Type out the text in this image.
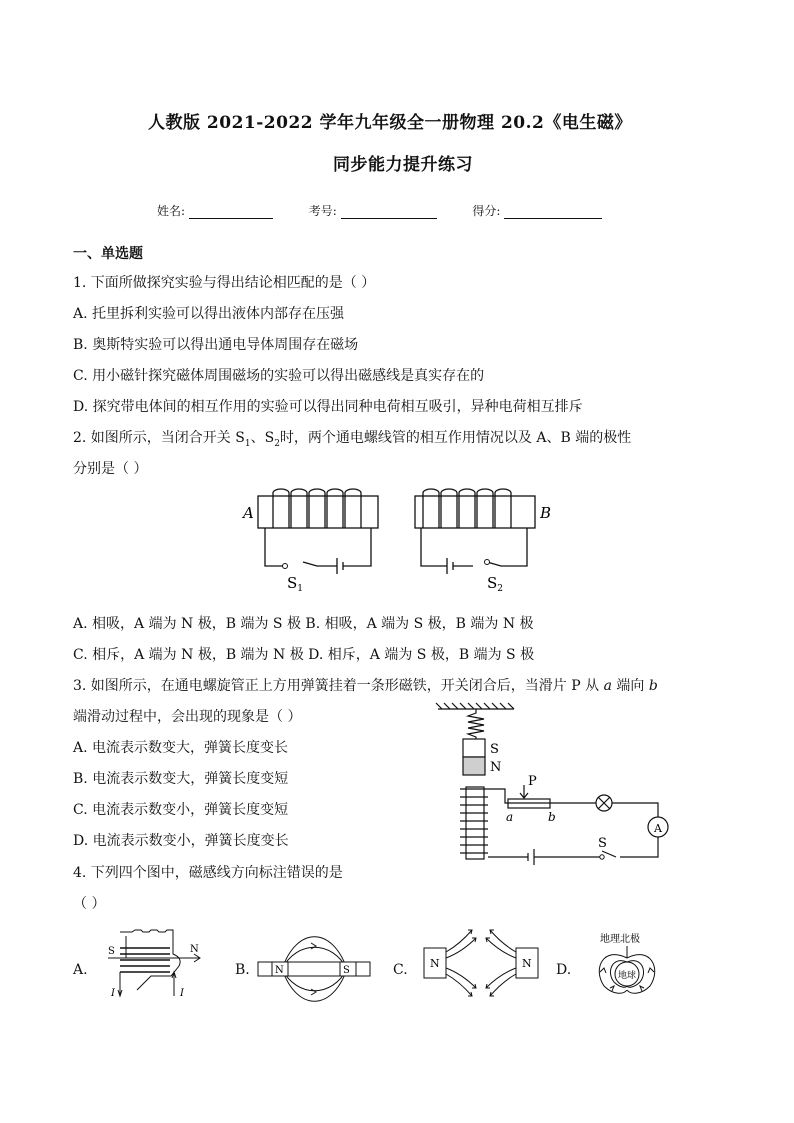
人教版 2021-2022 学年九年级全一册物理 20.2《电生磁》
同步能力提升练习
姓名:	考号:	得分:
一、单选题
1. 下面所做探究实验与得出结论相匹配的是（ ）
A. 托里拆利实验可以得出液体内部存在压强
B. 奥斯特实验可以得出通电导体周围存在磁场
C. 用小磁针探究磁体周围磁场的实验可以得出磁感线是真实存在的
D. 探究带电体间的相互作用的实验可以得出同种电荷相互吸引，异种电荷相互排斥
2. 如图所示，当闭合开关 $S_1$、$S_2$时，两个通电螺线管的相互作用情况以及 A、B 端的极性
分别是（ ）
A	B
$S_1$	$S_2$
A. 相吸，A 端为 N 极，B 端为 S 极 B. 相吸，A 端为 S 极，B 端为 N 极
C. 相斥，A 端为 N 极，B 端为 N 极 D. 相斥，A 端为 S 极，B 端为 S 极
3. 如图所示，在通电螺旋管正上方用弹簧挂着一条形磁铁，开关闭合后，当滑片 P 从 a 端向 b
端滑动过程中，会出现的现象是（ ）
A. 电流表示数变大，弹簧长度变长
B. 电流表示数变大，弹簧长度变短
C. 电流表示数变小，弹簧长度变短
D. 电流表示数变小，弹簧长度变长
S
N
P
a	b
S
A
4. 下列四个图中，磁感线方向标注错误的是
（ ）
A.	B.	C.	D.
S	N
I	I
N	S
N	N
地理北极
地球
